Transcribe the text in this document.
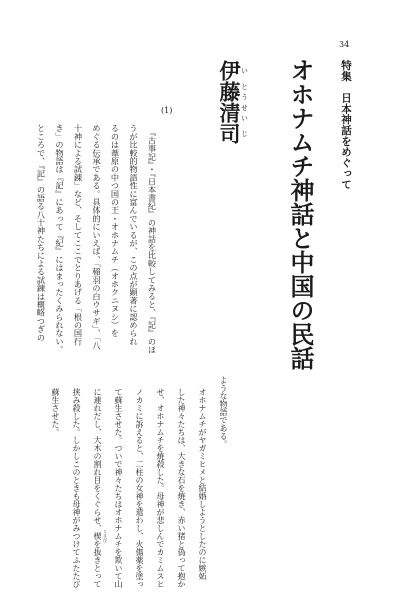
34
特集　日本神話をめぐって
オホナムチ神話と中国の民話
伊い藤とう清せい司じ
(1)
『古事記』・『日本書紀』の神話を比較してみると、『記』のほ
うが比較的物語性に富んでいるが、この点が顕著に認められ
るのは葦原の中つ国の王・オホナムチ（オホクニヌシ）を
めぐる伝承である。具体的にいえば、「稲羽の白ウサギ」、「八
十神による試錬」など、そしてここでとりあげる「根の国行
き」の物語は『記』にあって『紀』にはまったくみられない。
ところで、『記』の語る八十神たちによる試錬は概略つぎの
ような物語である。
オホナムチがヤガミヒメと結婚しようとしたのに嫉妬
した神々たちは、大きな石を焼き、赤い猪と偽って抱か
せ、オホナムチを焼殺した。母神が悲しんでカミムスヒ
ノカミに訴えると、二柱の女神を遣わし、火傷薬を塗っ
て蘇生させた。ついで神々たちはオホナムチを欺いて山
に連れだし、大木の割れ目をくぐらせ、楔 くさび
を抜きとって
挟み殺した。しかしこのときも母神がみつけてふたたび
蘇生させた。
